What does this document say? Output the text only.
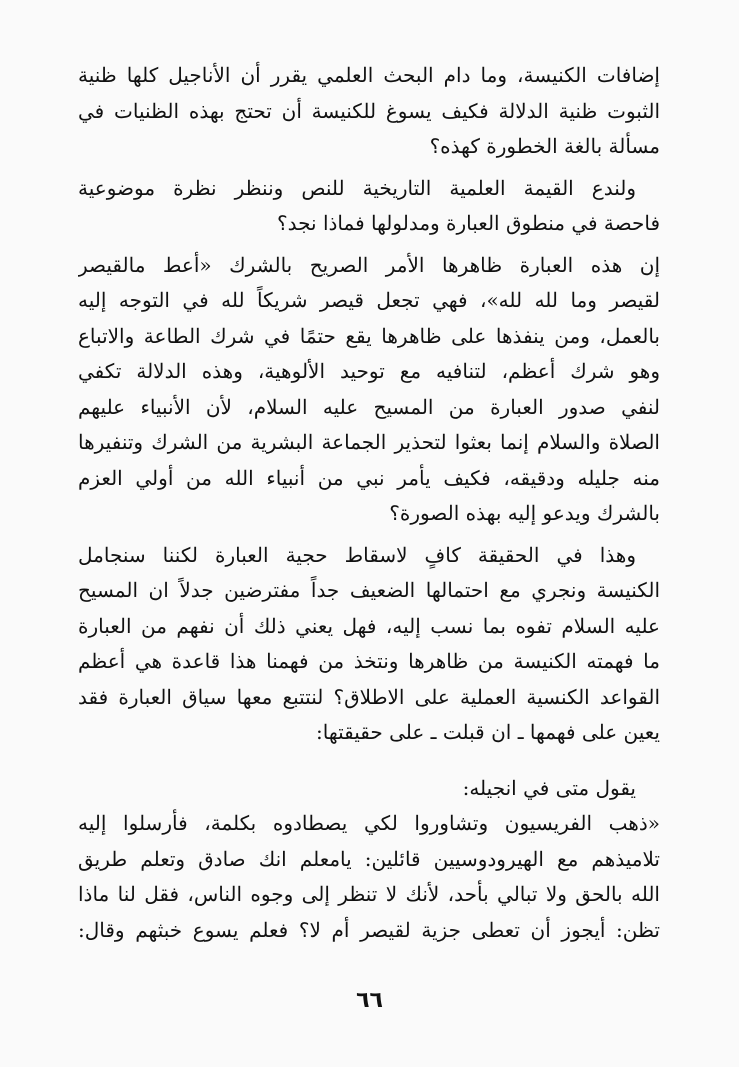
إضافات الكنيسة، وما دام البحث العلمي يقرر أن الأناجيل كلها ظنية
الثبوت ظنية الدلالة فكيف يسوغ للكنيسة أن تحتج بهذه الظنيات في
مسألة بالغة الخطورة كهذه؟

ولندع القيمة العلمية التاريخية للنص وننظر نظرة موضوعية
فاحصة في منطوق العبارة ومدلولها فماذا نجد؟

إن هذه العبارة ظاهرها الأمر الصريح بالشرك «أعط مالقيصر
لقيصر وما لله لله»، فهي تجعل قيصر شريكاً لله في التوجه إليه
بالعمل، ومن ينفذها على ظاهرها يقع حتمًا في شرك الطاعة والاتباع
وهو شرك أعظم، لتنافيه مع توحيد الألوهية، وهذه الدلالة تكفي
لنفي صدور العبارة من المسيح عليه السلام، لأن الأنبياء عليهم
الصلاة والسلام إنما بعثوا لتحذير الجماعة البشرية من الشرك وتنفيرها
منه جليله ودقيقه، فكيف يأمر نبي من أنبياء الله من أولي العزم
بالشرك ويدعو إليه بهذه الصورة؟

وهذا في الحقيقة كافٍ لاسقاط حجية العبارة لكننا سنجامل
الكنيسة ونجري مع احتمالها الضعيف جداً مفترضين جدلاً ان المسيح
عليه السلام تفوه بما نسب إليه، فهل يعني ذلك أن نفهم من العبارة
ما فهمته الكنيسة من ظاهرها ونتخذ من فهمنا هذا قاعدة هي أعظم
القواعد الكنسية العملية على الاطلاق؟ لنتتبع معها سياق العبارة فقد
يعين على فهمها ـ ان قبلت ـ على حقيقتها:

يقول متى في انجيله:
«ذهب الفريسيون وتشاوروا لكي يصطادوه بكلمة، فأرسلوا إليه
تلاميذهم مع الهيرودوسيين قائلين: يامعلم انك صادق وتعلم طريق
الله بالحق ولا تبالي بأحد، لأنك لا تنظر إلى وجوه الناس، فقل لنا ماذا
تظن: أيجوز أن تعطى جزية لقيصر أم لا؟ فعلم يسوع خبثهم وقال:

٦٦
